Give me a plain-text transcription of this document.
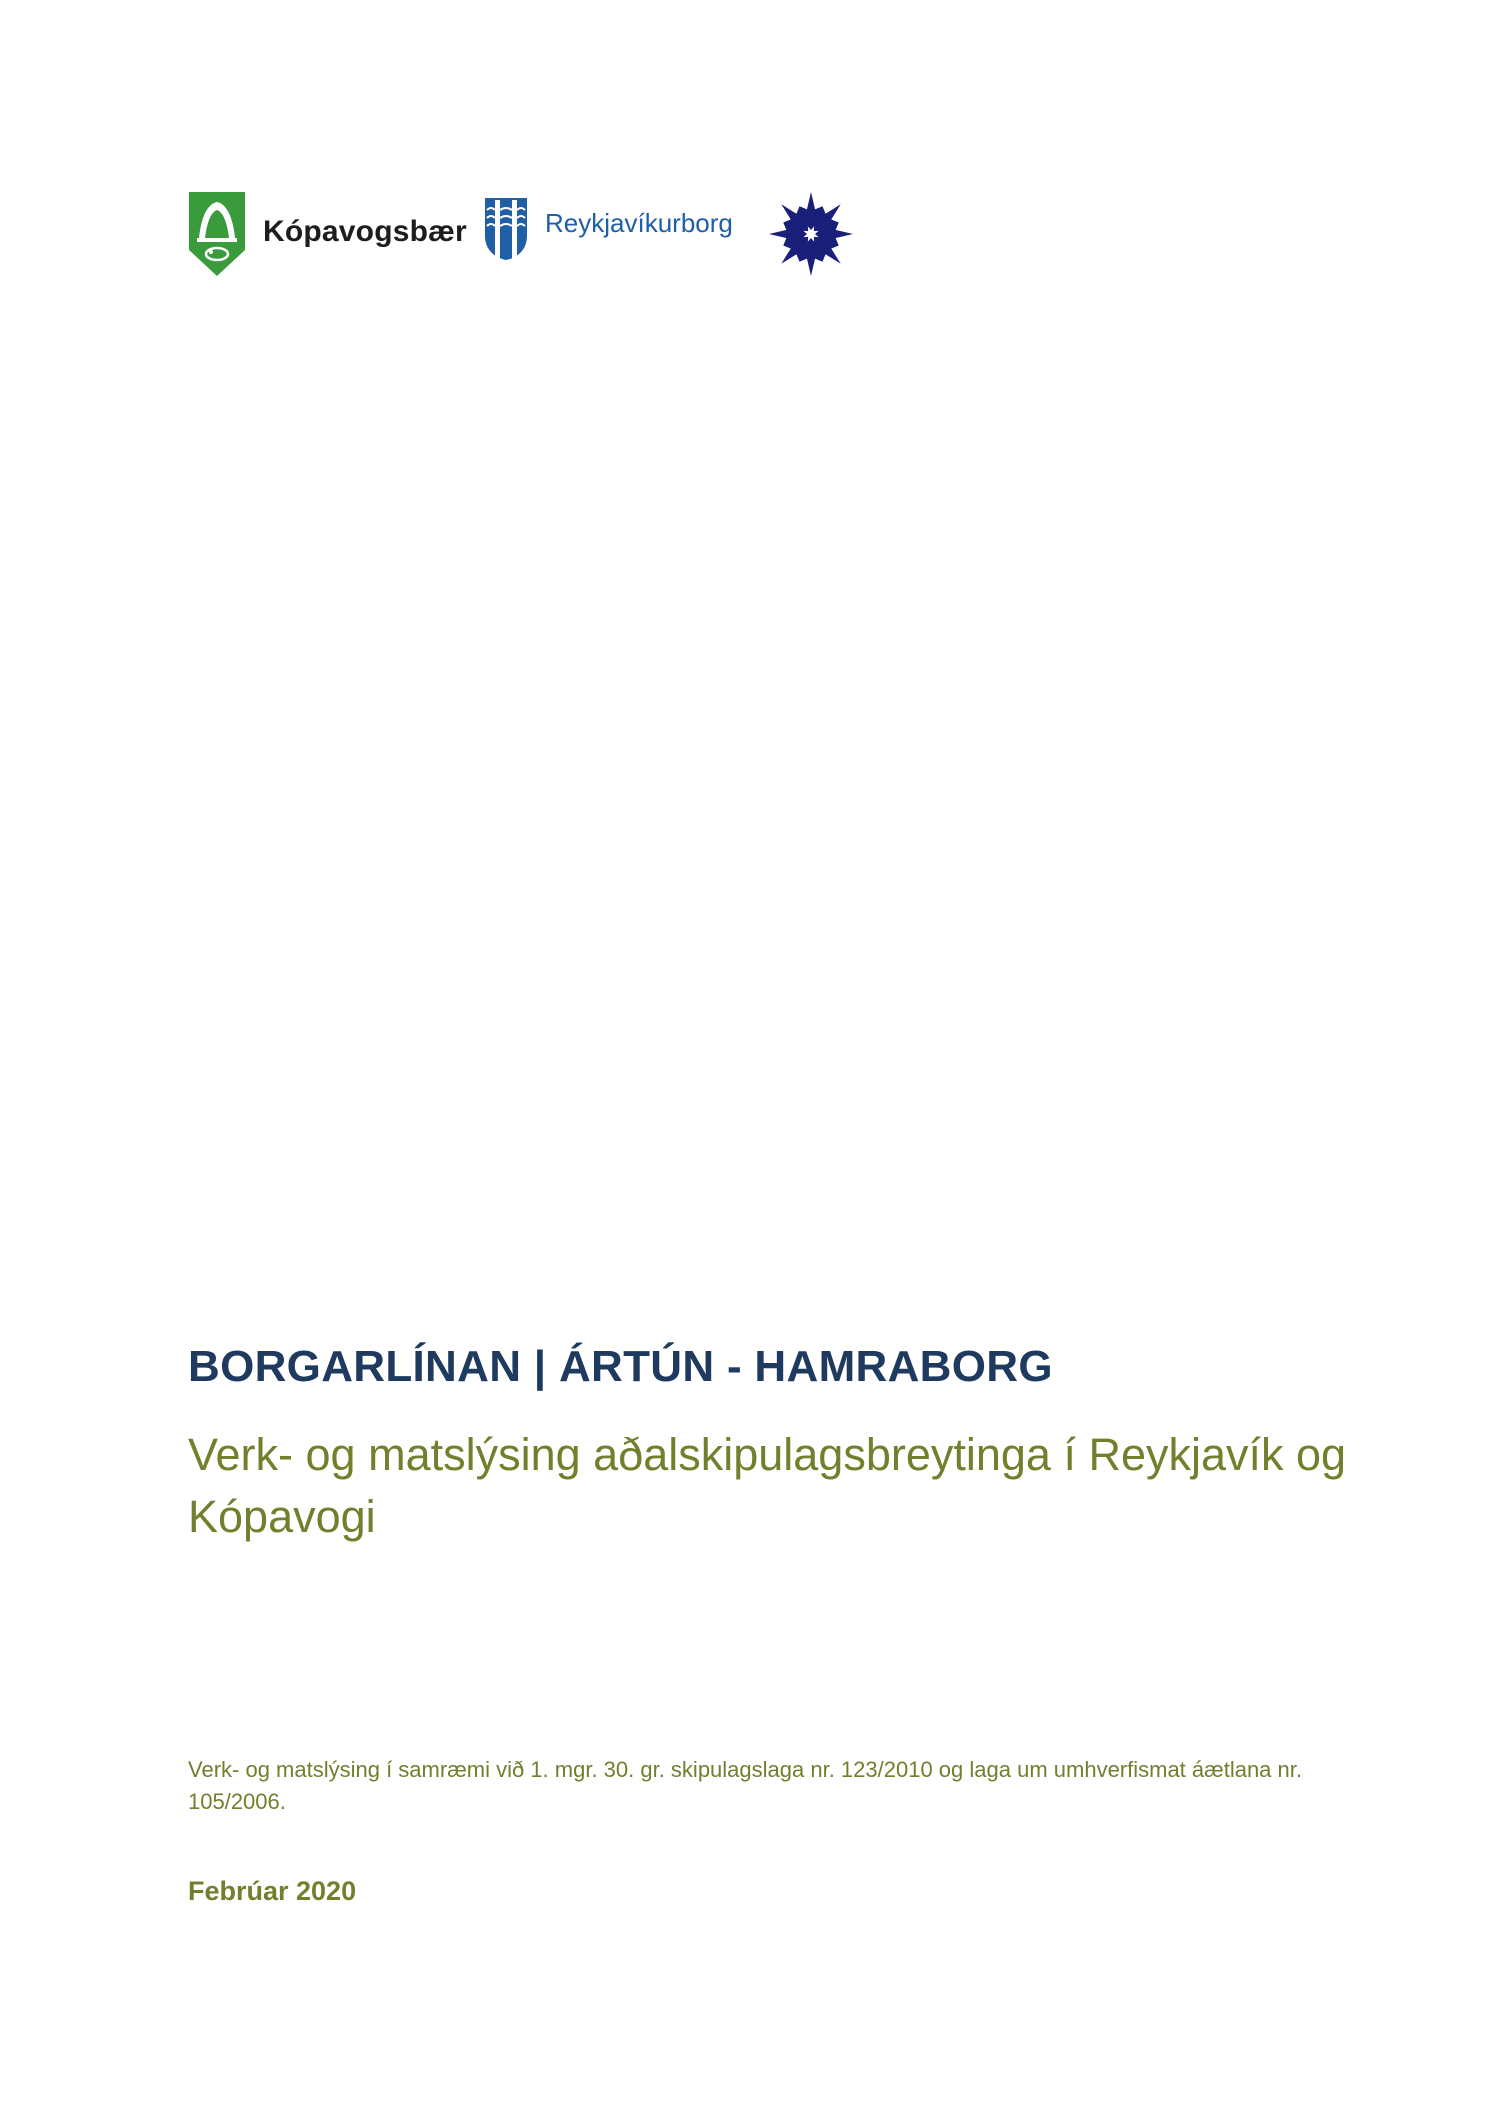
Kópavogsbær	Reykjavíkurborg
BORGARLÍNAN | ÁRTÚN - HAMRABORG
Verk- og matslýsing aðalskipulagsbreytinga í Reykjavík og Kópavogi
Verk- og matslýsing í samræmi við 1. mgr. 30. gr. skipulagslaga nr. 123/2010 og laga um umhverfismat áætlana nr. 105/2006.
Febrúar 2020
